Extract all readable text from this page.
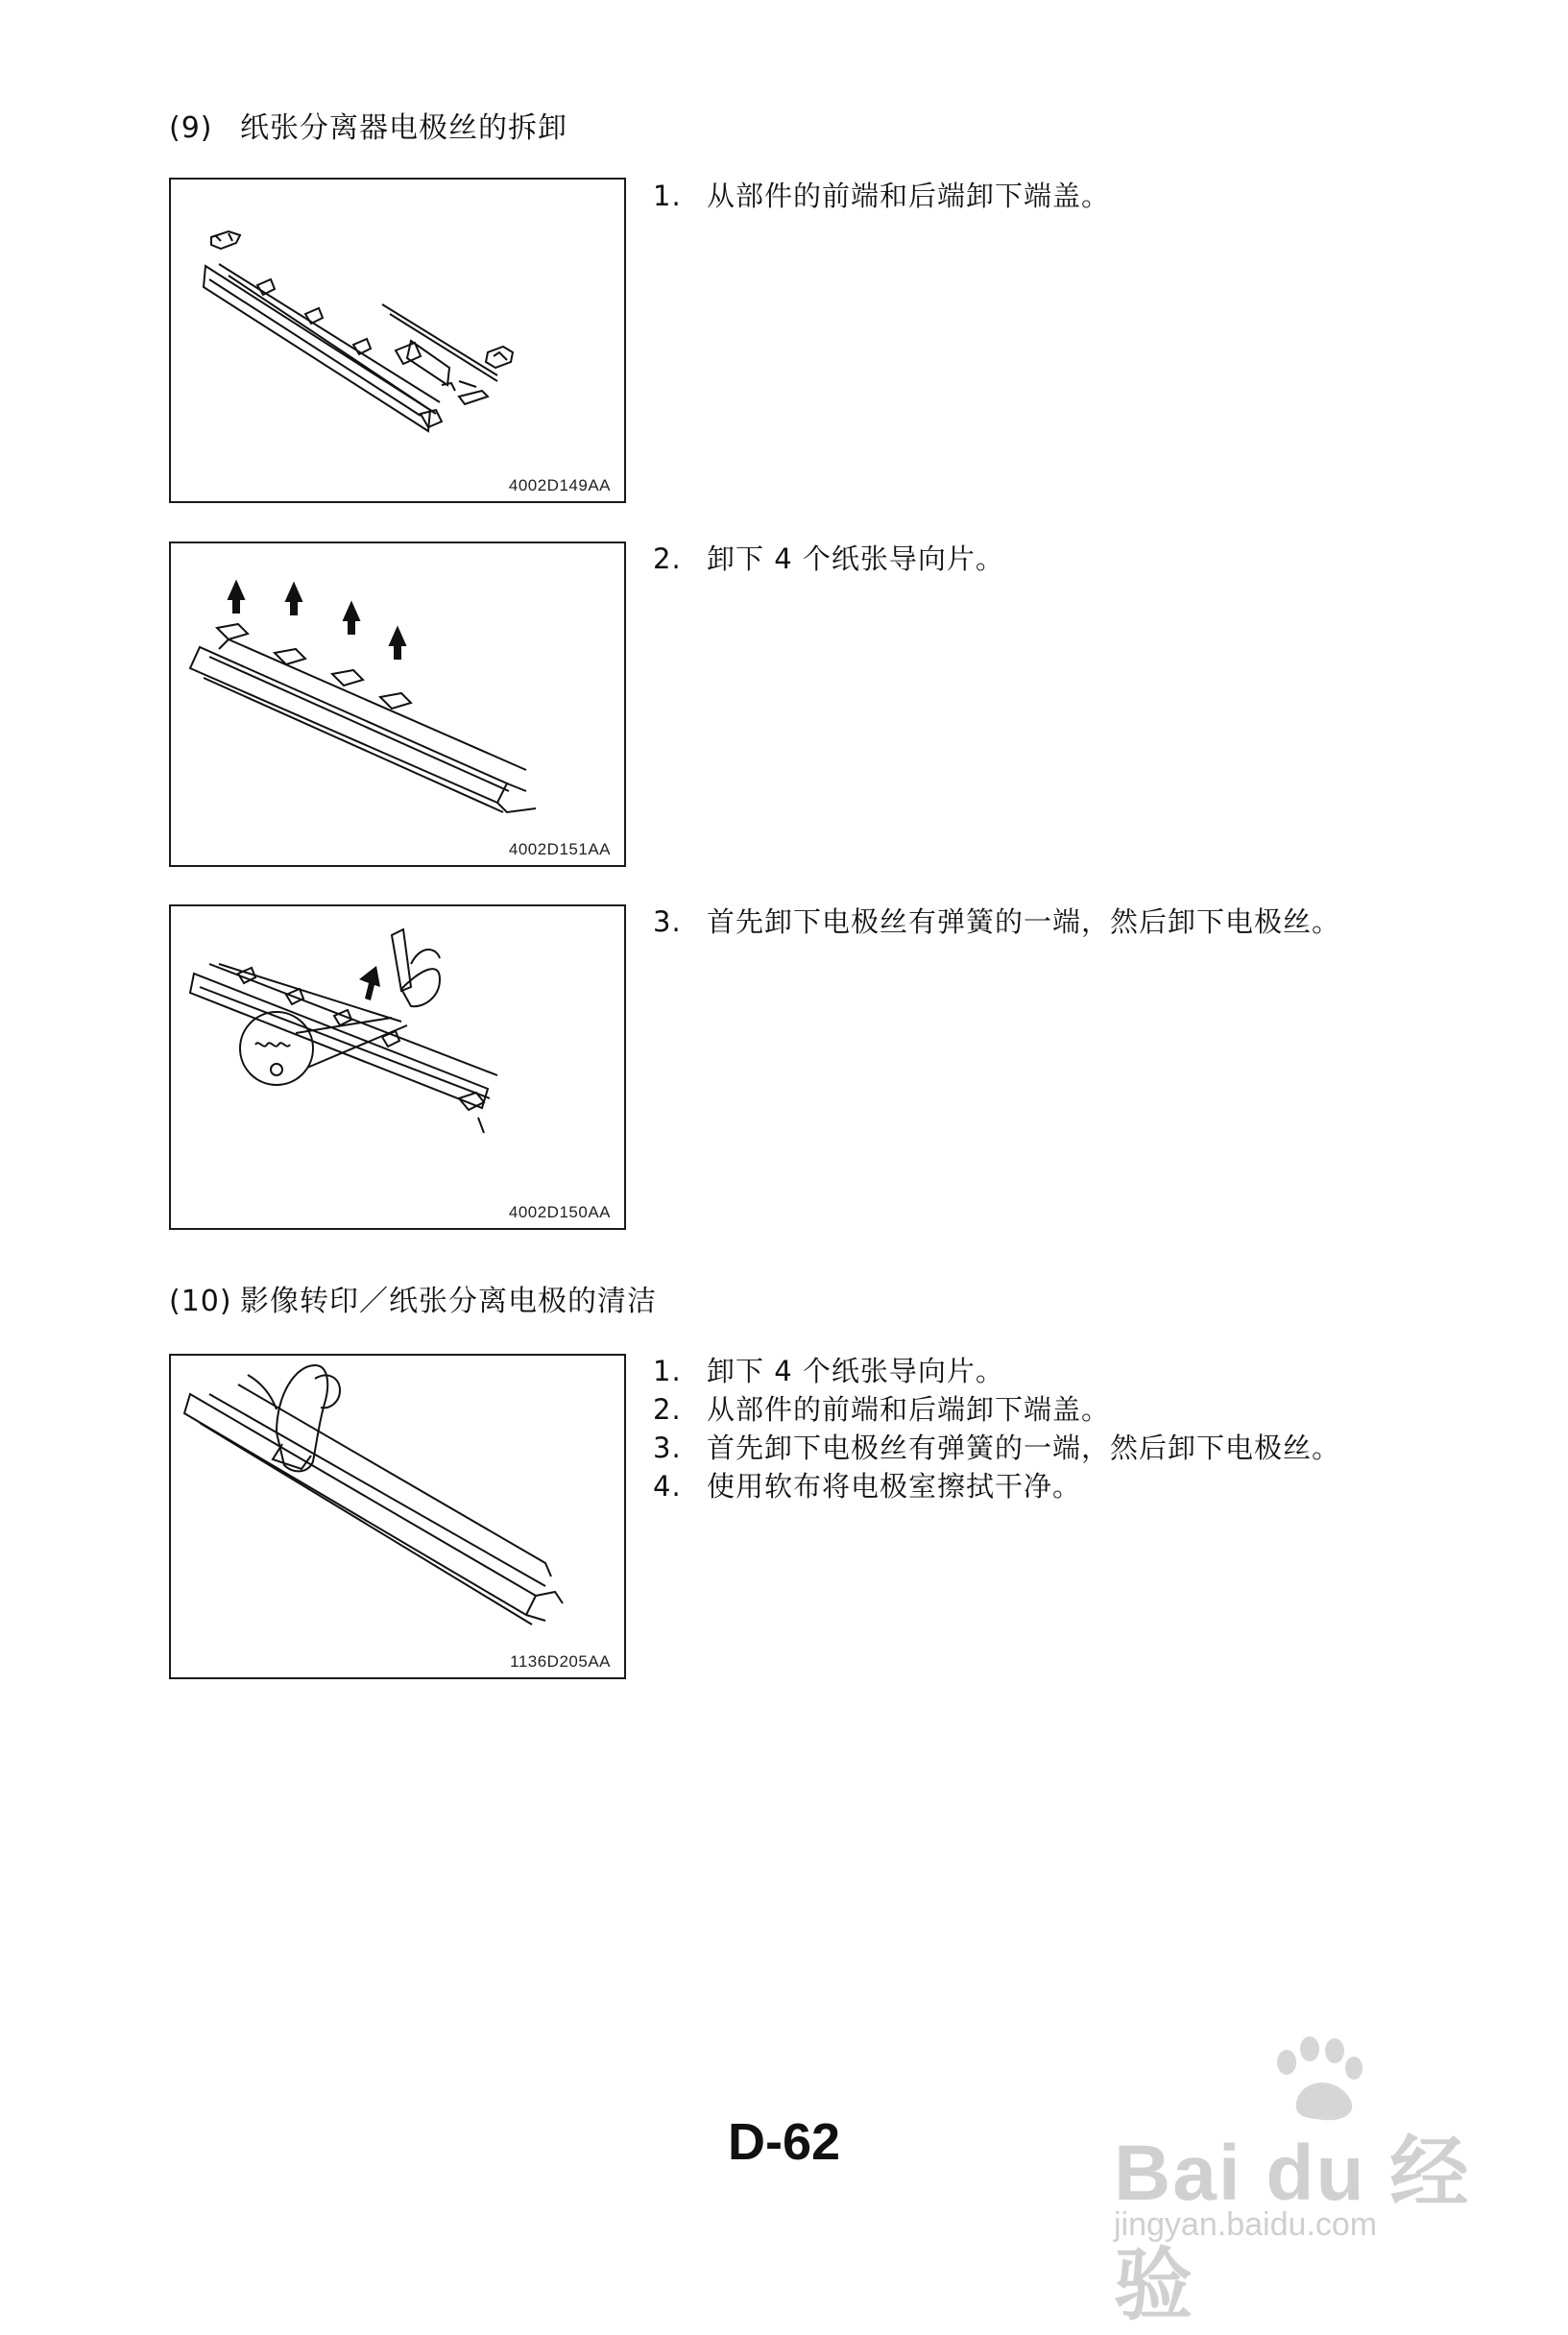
(9) 纸张分离器电极丝的拆卸
4002D149AA
1. 从部件的前端和后端卸下端盖。
4002D151AA
2. 卸下 4 个纸张导向片。
4002D150AA
3. 首先卸下电极丝有弹簧的一端，然后卸下电极丝。
(10) 影像转印／纸张分离电极的清洁
1136D205AA
1. 卸下 4 个纸张导向片。
2. 从部件的前端和后端卸下端盖。
3. 首先卸下电极丝有弹簧的一端，然后卸下电极丝。
4. 使用软布将电极室擦拭干净。
D-62	Bai du 经验
jingyan.baidu.com
